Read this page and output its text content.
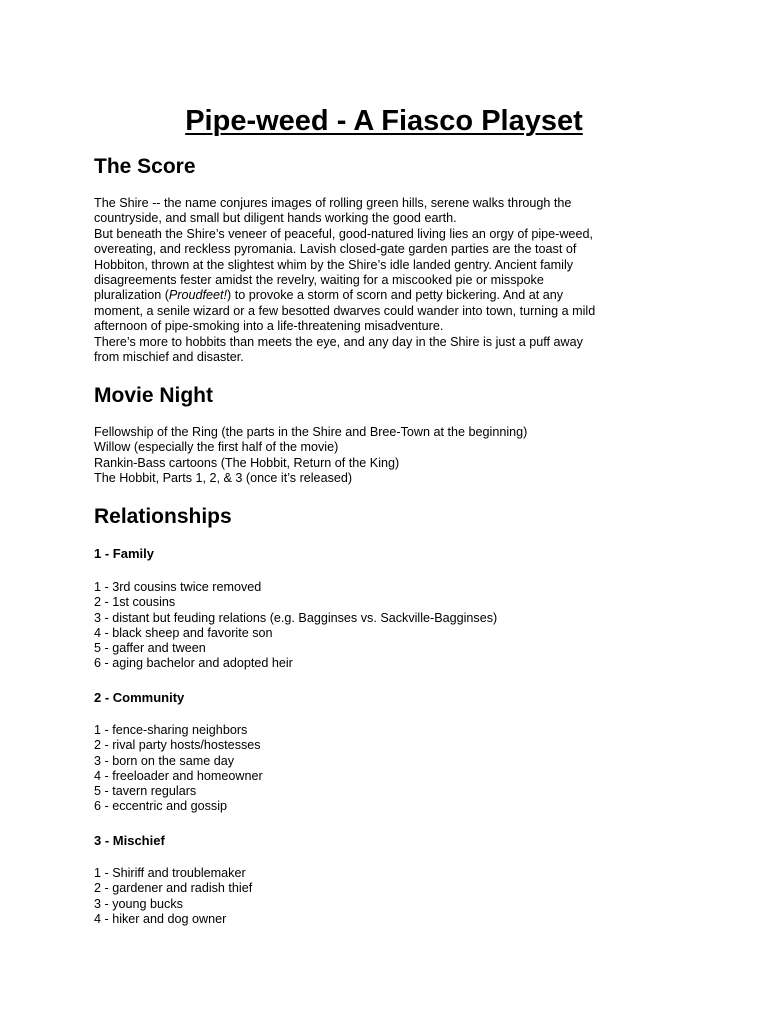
Pipe-weed - A Fiasco Playset
The Score

The Shire -- the name conjures images of rolling green hills, serene walks through the

countryside, and small but diligent hands working the good earth.

But beneath the Shire’s veneer of peaceful, good-natured living lies an orgy of pipe-weed,

overeating, and reckless pyromania. Lavish closed-gate garden parties are the toast of

Hobbiton, thrown at the slightest whim by the Shire’s idle landed gentry. Ancient family

disagreements fester amidst the revelry, waiting for a miscooked pie or misspoke

pluralization (Proudfeet!) to provoke a storm of scorn and petty bickering. And at any

moment, a senile wizard or a few besotted dwarves could wander into town, turning a mild

afternoon of pipe-smoking into a life-threatening misadventure.

There’s more to hobbits than meets the eye, and any day in the Shire is just a puff away

from mischief and disaster.

Movie Night
Fellowship of the Ring (the parts in the Shire and Bree-Town at the beginning)
Willow (especially the first half of the movie)
Rankin-Bass cartoons (The Hobbit, Return of the King)
The Hobbit, Parts 1, 2, & 3 (once it’s released)
Relationships
1 - Family
1 - 3rd cousins twice removed
2 - 1st cousins
3 - distant but feuding relations (e.g. Bagginses vs. Sackville-Bagginses)
4 - black sheep and favorite son
5 - gaffer and tween
6 - aging bachelor and adopted heir
2 - Community
1 - fence-sharing neighbors
2 - rival party hosts/hostesses
3 - born on the same day
4 - freeloader and homeowner
5 - tavern regulars
6 - eccentric and gossip
3 - Mischief
1 - Shiriff and troublemaker
2 - gardener and radish thief
3 - young bucks
4 - hiker and dog owner
